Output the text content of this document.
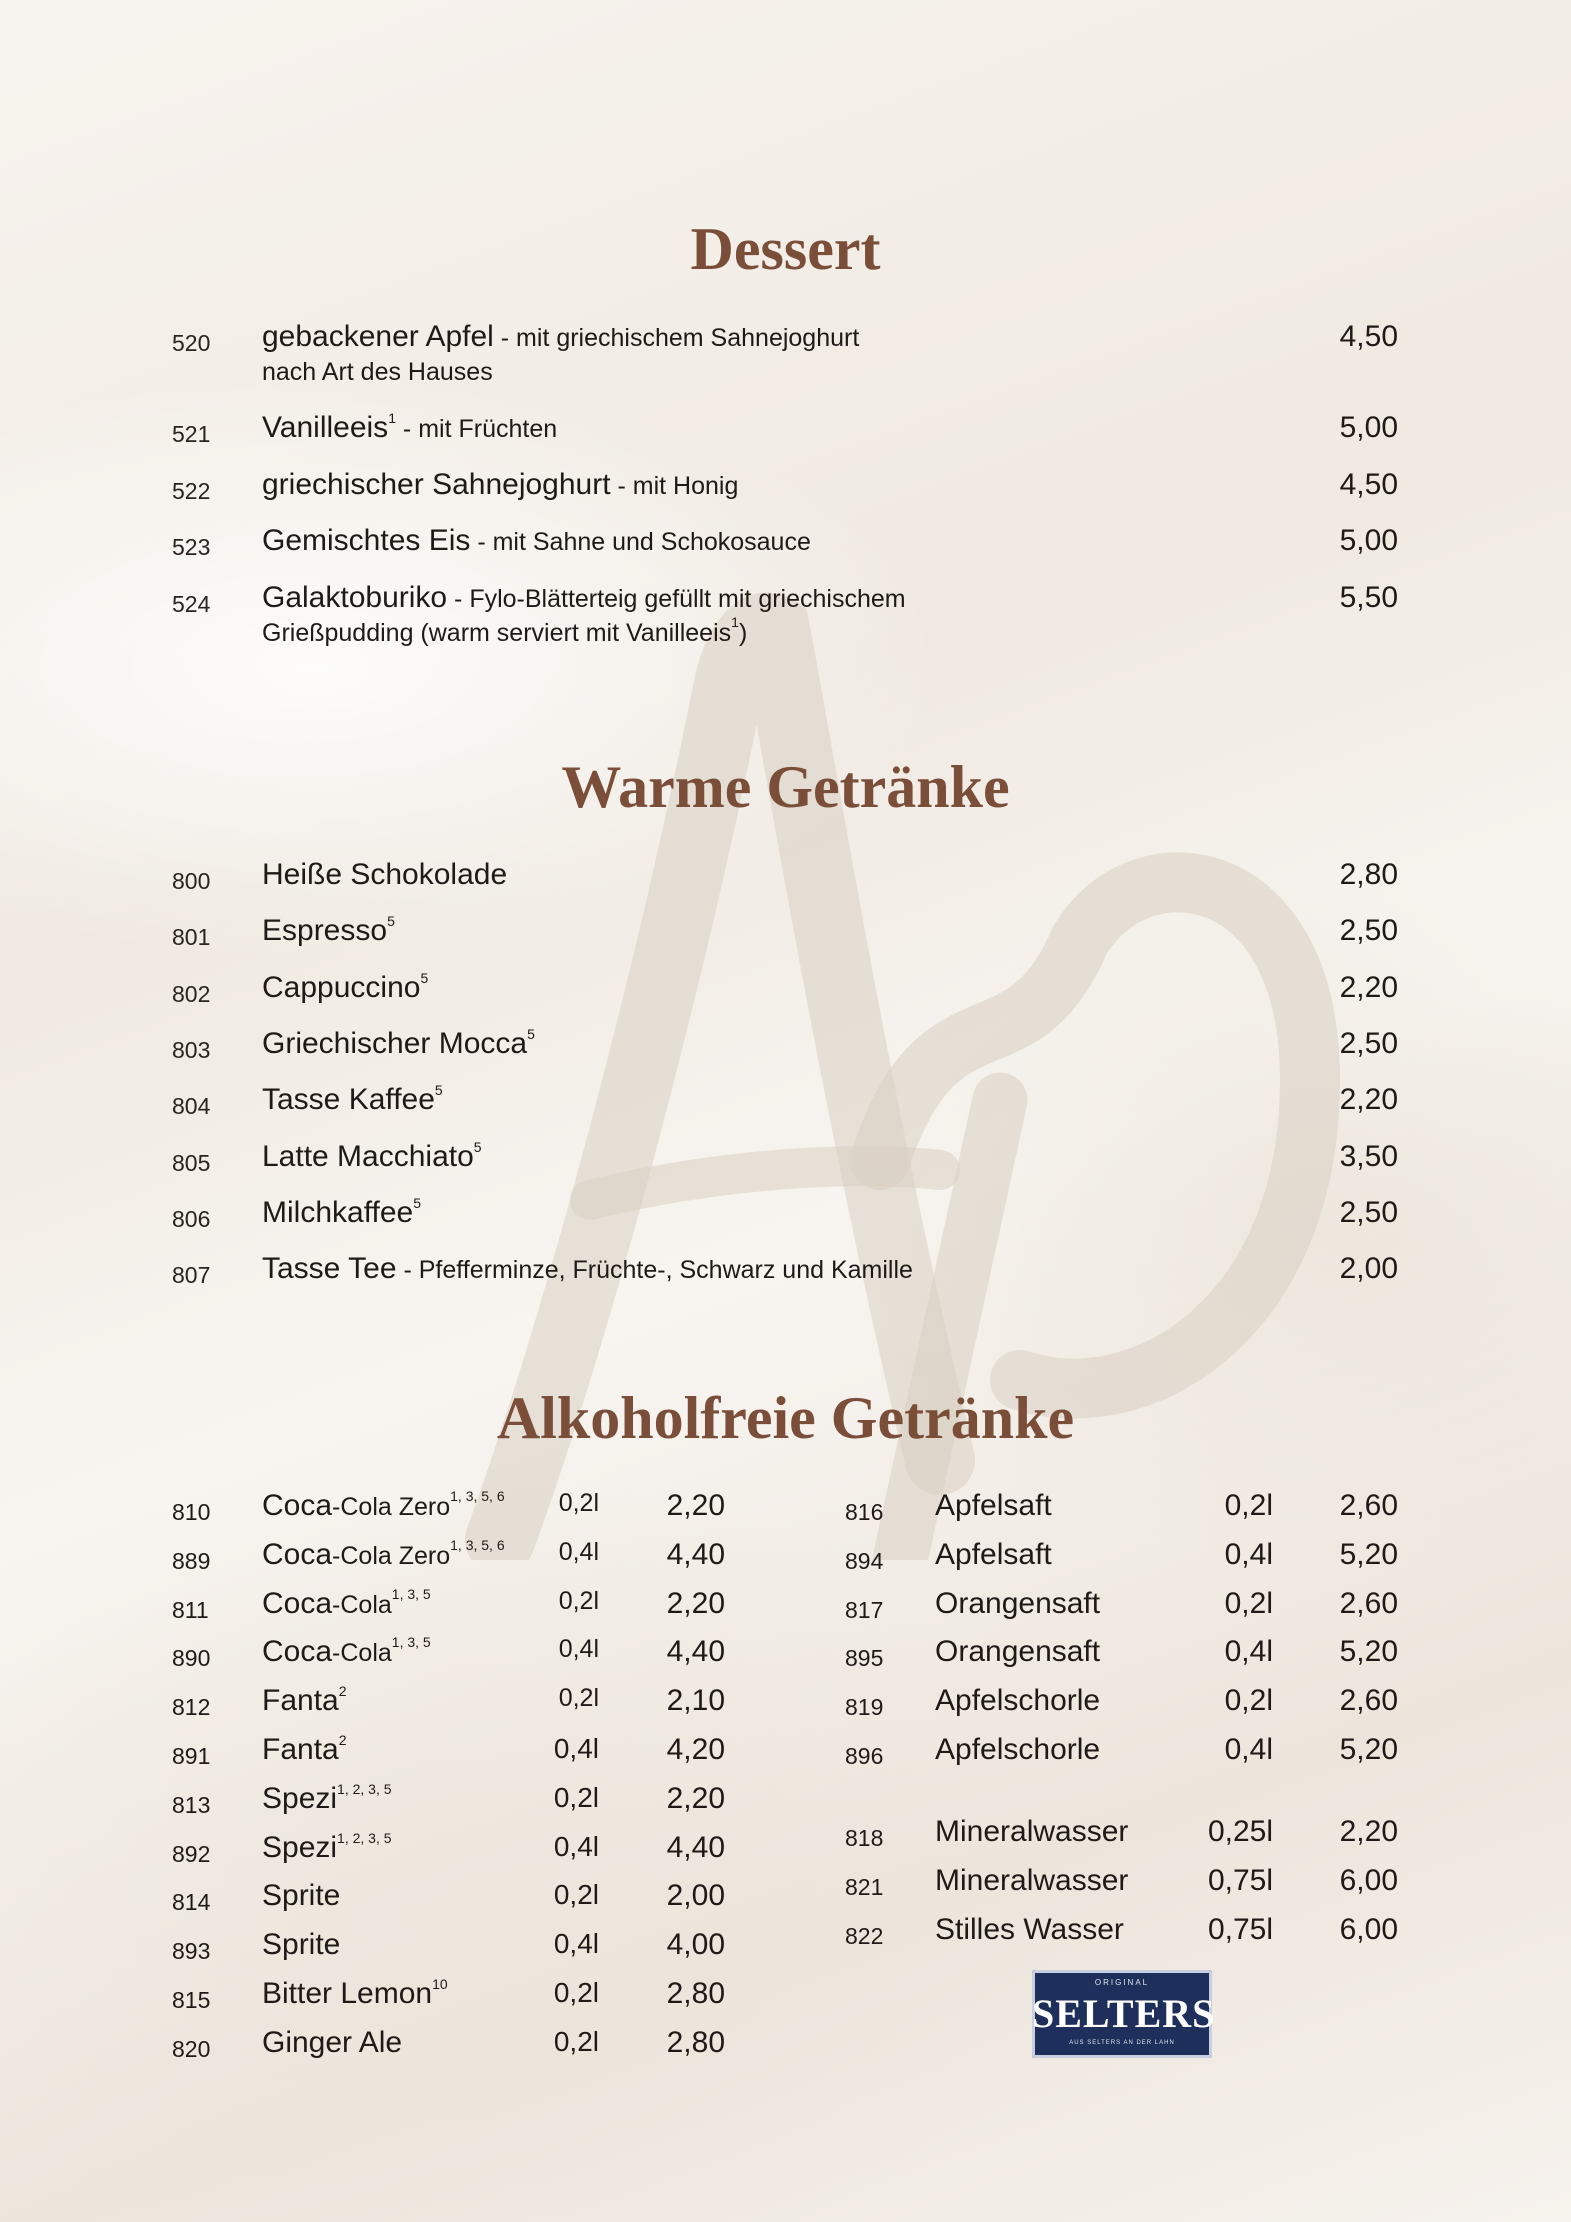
Dessert
520 gebackener Apfel - mit griechischem Sahnejoghurt
nach Art des Hauses
4,50
521 Vanilleeis$^1$ - mit Früchten	5,00
522 griechischer Sahnejoghurt - mit Honig	4,50
523 Gemischtes Eis - mit Sahne und Schokosauce	5,00
524 Galaktoburiko - Fylo-Blätterteig gefüllt mit griechischem
Grießpudding (warm serviert mit Vanilleeis$^1$)
5,50
Warme Getränke
800 Heiße Schokolade	2,80
801 Espresso$^5$	2,50
802 Cappuccino$^5$	2,20
803 Griechischer Mocca$^5$	2,50
804 Tasse Kaffee$^5$	2,20
805 Latte Macchiato$^5$	3,50
806 Milchkaffee$^5$	2,50
807 Tasse Tee - Pfefferminze, Früchte-, Schwarz und Kamille	2,00
Alkoholfreie Getränke
810 Coca-Cola Zero$^{1, 3, 5, 6}$ 0,2l 2,20
889 Coca-Cola Zero$^{1, 3, 5, 6}$ 0,4l 4,40
811 Coca-Cola$^{1, 3, 5}$	0,2l 2,20
890 Coca-Cola$^{1, 3, 5}$	0,4l 4,40
812 Fanta$^2$	0,2l 2,10
891 Fanta$^2$	0,4l 4,20
813 Spezi$^{1, 2, 3, 5}$	0,2l 2,20
892 Spezi$^{1, 2, 3, 5}$	0,4l 4,40
814 Sprite	0,2l 2,00
893 Sprite	0,4l 4,00
815 Bitter Lemon$^{10}$	0,2l 2,80
820 Ginger Ale	0,2l 2,80
816 Apfelsaft	0,2l 2,60
894 Apfelsaft	0,4l 5,20
817 Orangensaft	0,2l 2,60
895 Orangensaft	0,4l 5,20
819 Apfelschorle	0,2l 2,60
896 Apfelschorle	0,4l 5,20
818 Mineralwasser	0,25l 2,20
821 Mineralwasser	0,75l 6,00
822 Stilles Wasser	0,75l 6,00
ORIGINAL
SELTERS
AUS SELTERS AN DER LAHN
